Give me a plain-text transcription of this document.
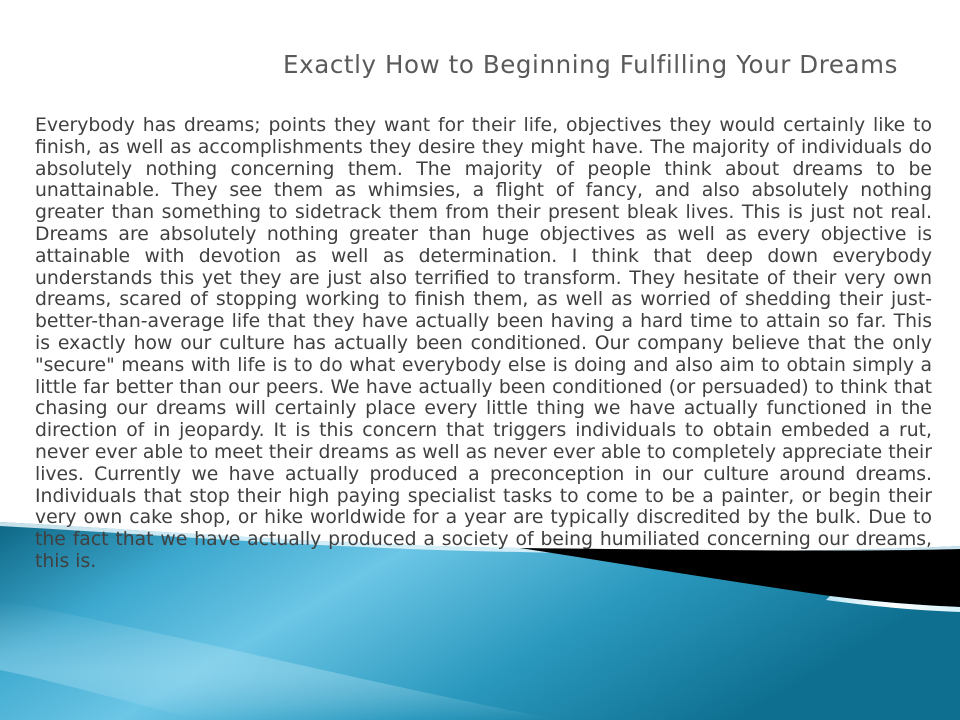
Exactly How to Beginning Fulfilling Your Dreams

Everybody has dreams; points they want for their life, objectives they would certainly like to finish, as well as accomplishments they desire they might have. The majority of individuals do absolutely nothing concerning them. The majority of people think about dreams to be unattainable. They see them as whimsies, a flight of fancy, and also absolutely nothing greater than something to sidetrack them from their present bleak lives. This is just not real. Dreams are absolutely nothing greater than huge objectives as well as every objective is attainable with devotion as well as determination. I think that deep down everybody understands this yet they are just also terrified to transform. They hesitate of their very own dreams, scared of stopping working to finish them, as well as worried of shedding their just-better-than-average life that they have actually been having a hard time to attain so far. This is exactly how our culture has actually been conditioned. Our company believe that the only "secure" means with life is to do what everybody else is doing and also aim to obtain simply a little far better than our peers. We have actually been conditioned (or persuaded) to think that chasing our dreams will certainly place every little thing we have actually functioned in the direction of in jeopardy. It is this concern that triggers individuals to obtain embeded a rut, never ever able to meet their dreams as well as never ever able to completely appreciate their lives. Currently we have actually produced a preconception in our culture around dreams. Individuals that stop their high paying specialist tasks to come to be a painter, or begin their very own cake shop, or hike worldwide for a year are typically discredited by the bulk. Due to the fact that we have actually produced a society of being humiliated concerning our dreams, this is.
